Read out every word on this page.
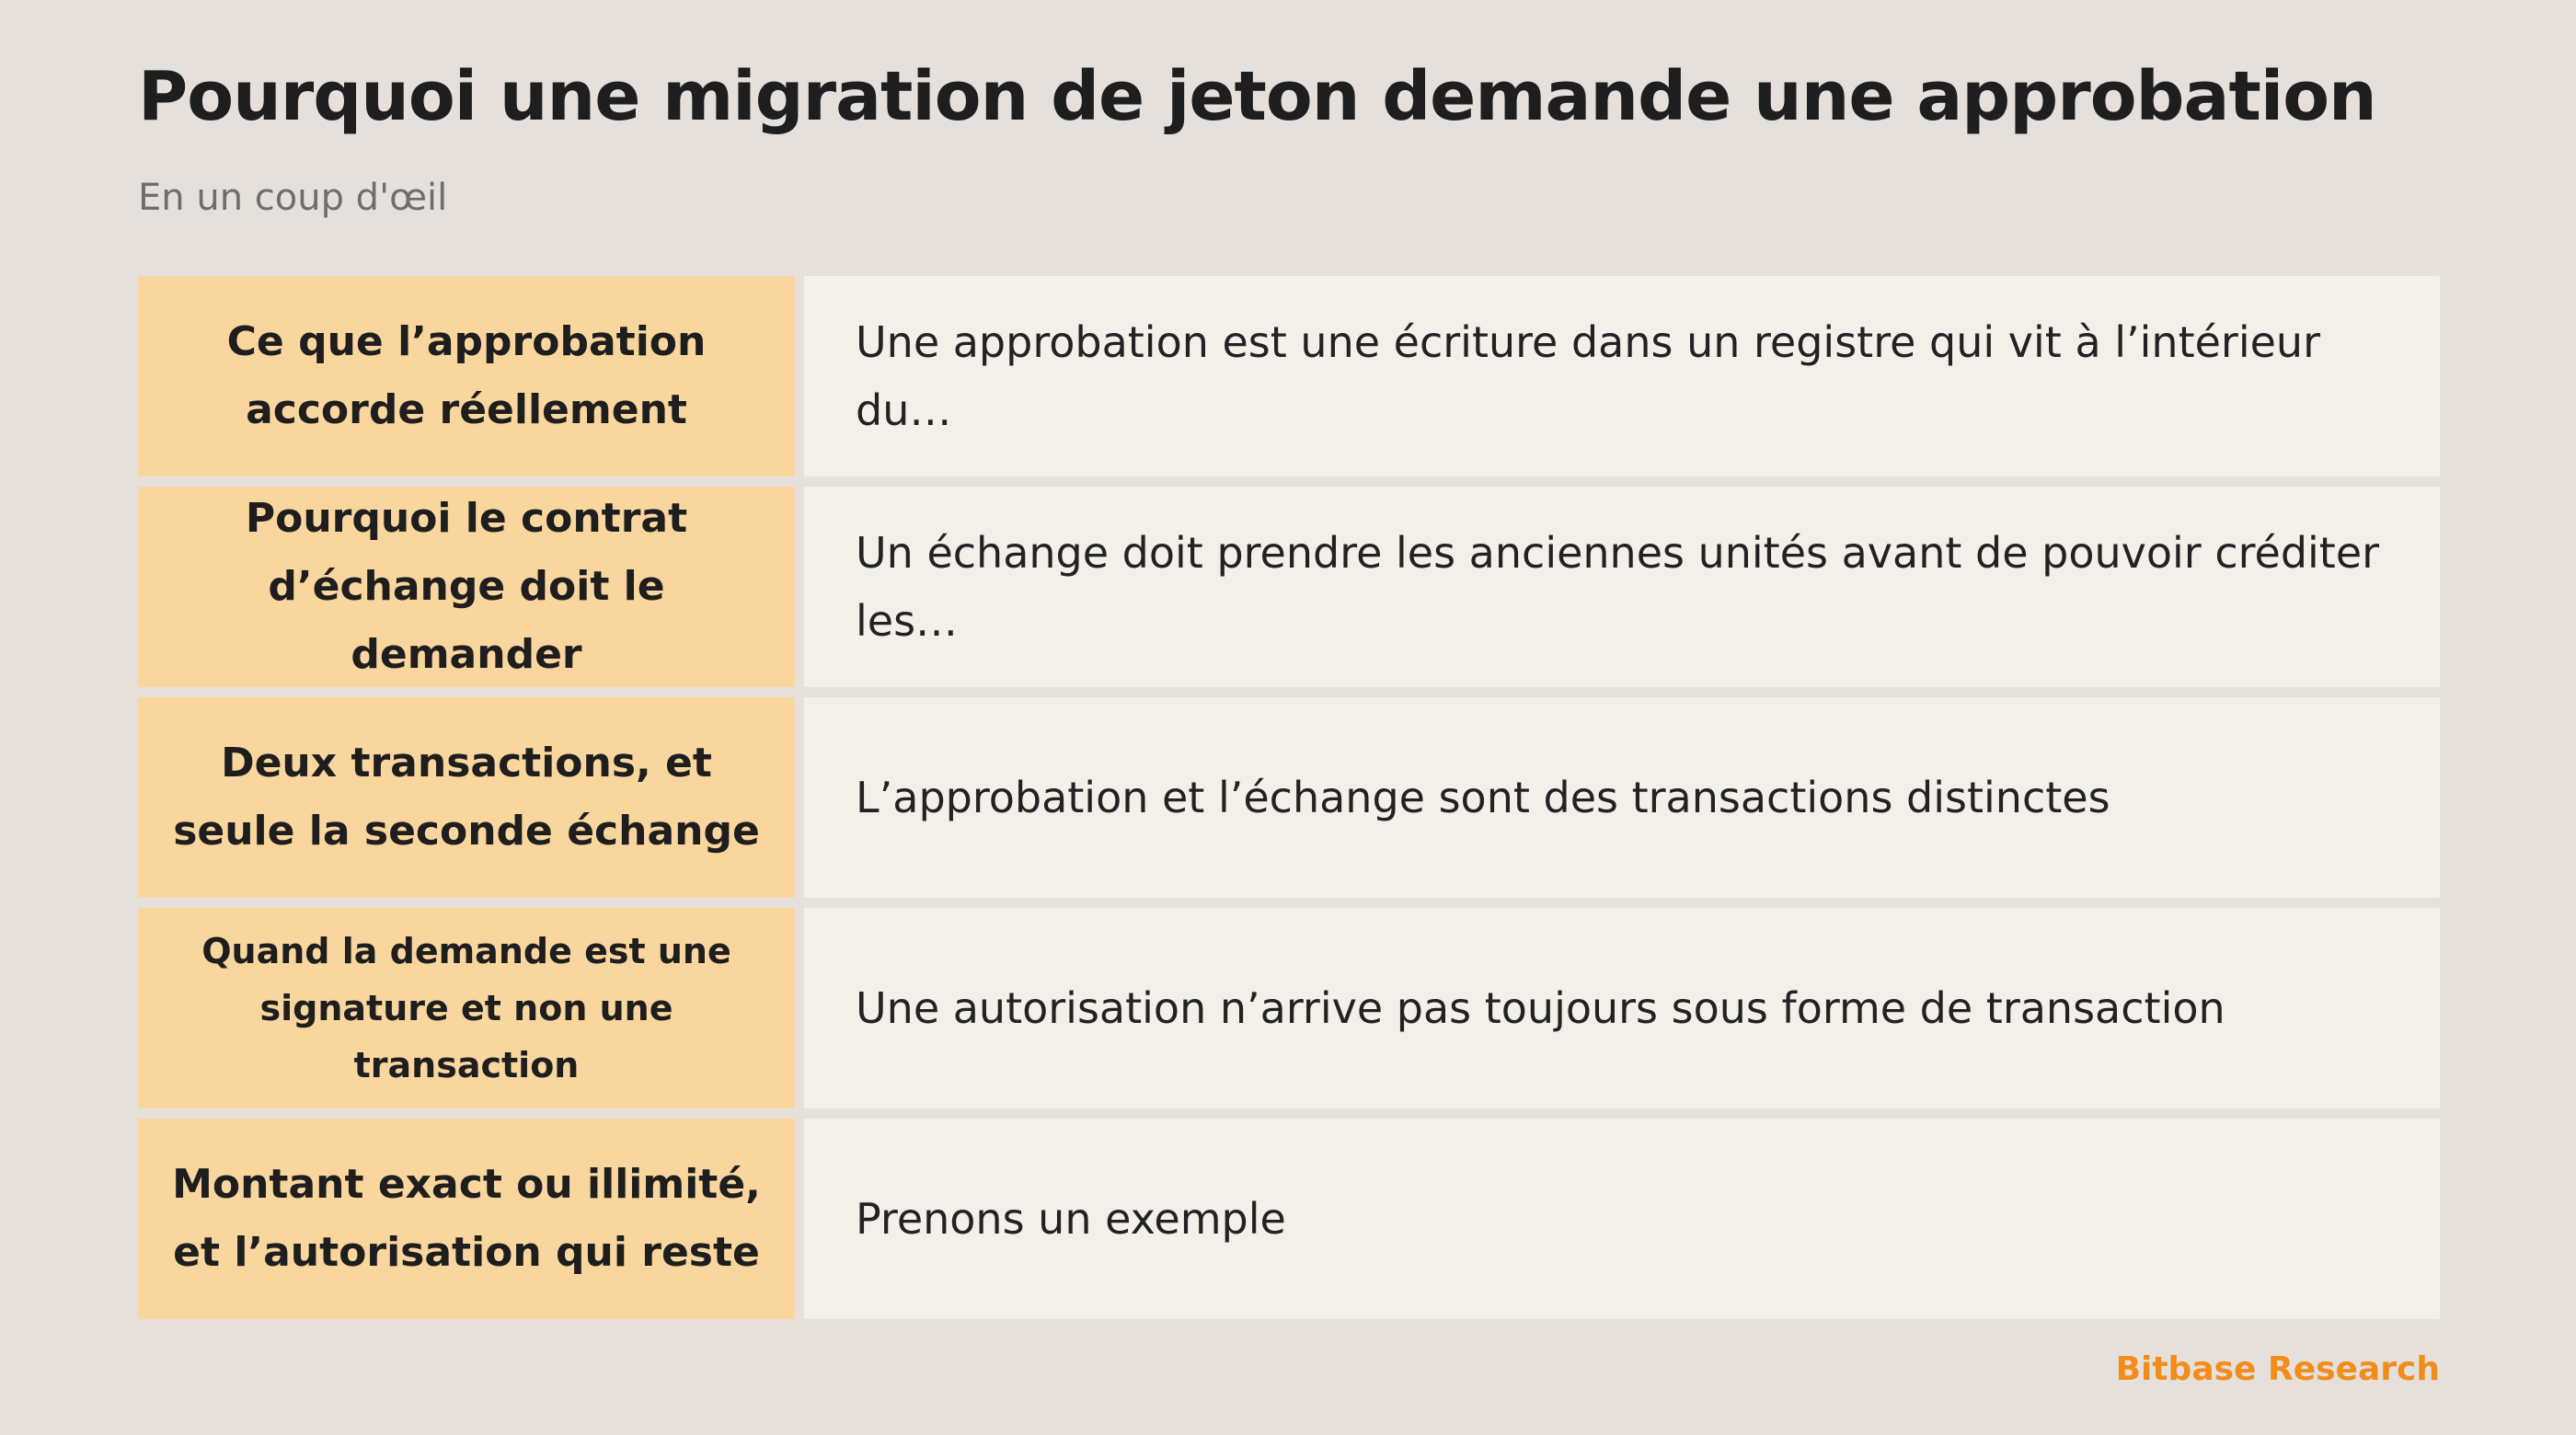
Pourquoi une migration de jeton demande une approbation

En un coup d'œil

Ce que l’approbation accorde réellement
Une approbation est une écriture dans un registre qui vit à l’intérieur du…
Pourquoi le contrat d’échange doit le demander
Un échange doit prendre les anciennes unités avant de pouvoir créditer les…
Deux transactions, et seule la seconde échange
L’approbation et l’échange sont des transactions distinctes
Quand la demande est une signature et non une transaction
Une autorisation n’arrive pas toujours sous forme de transaction
Montant exact ou illimité, et l’autorisation qui reste
Prenons un exemple

Bitbase Research
